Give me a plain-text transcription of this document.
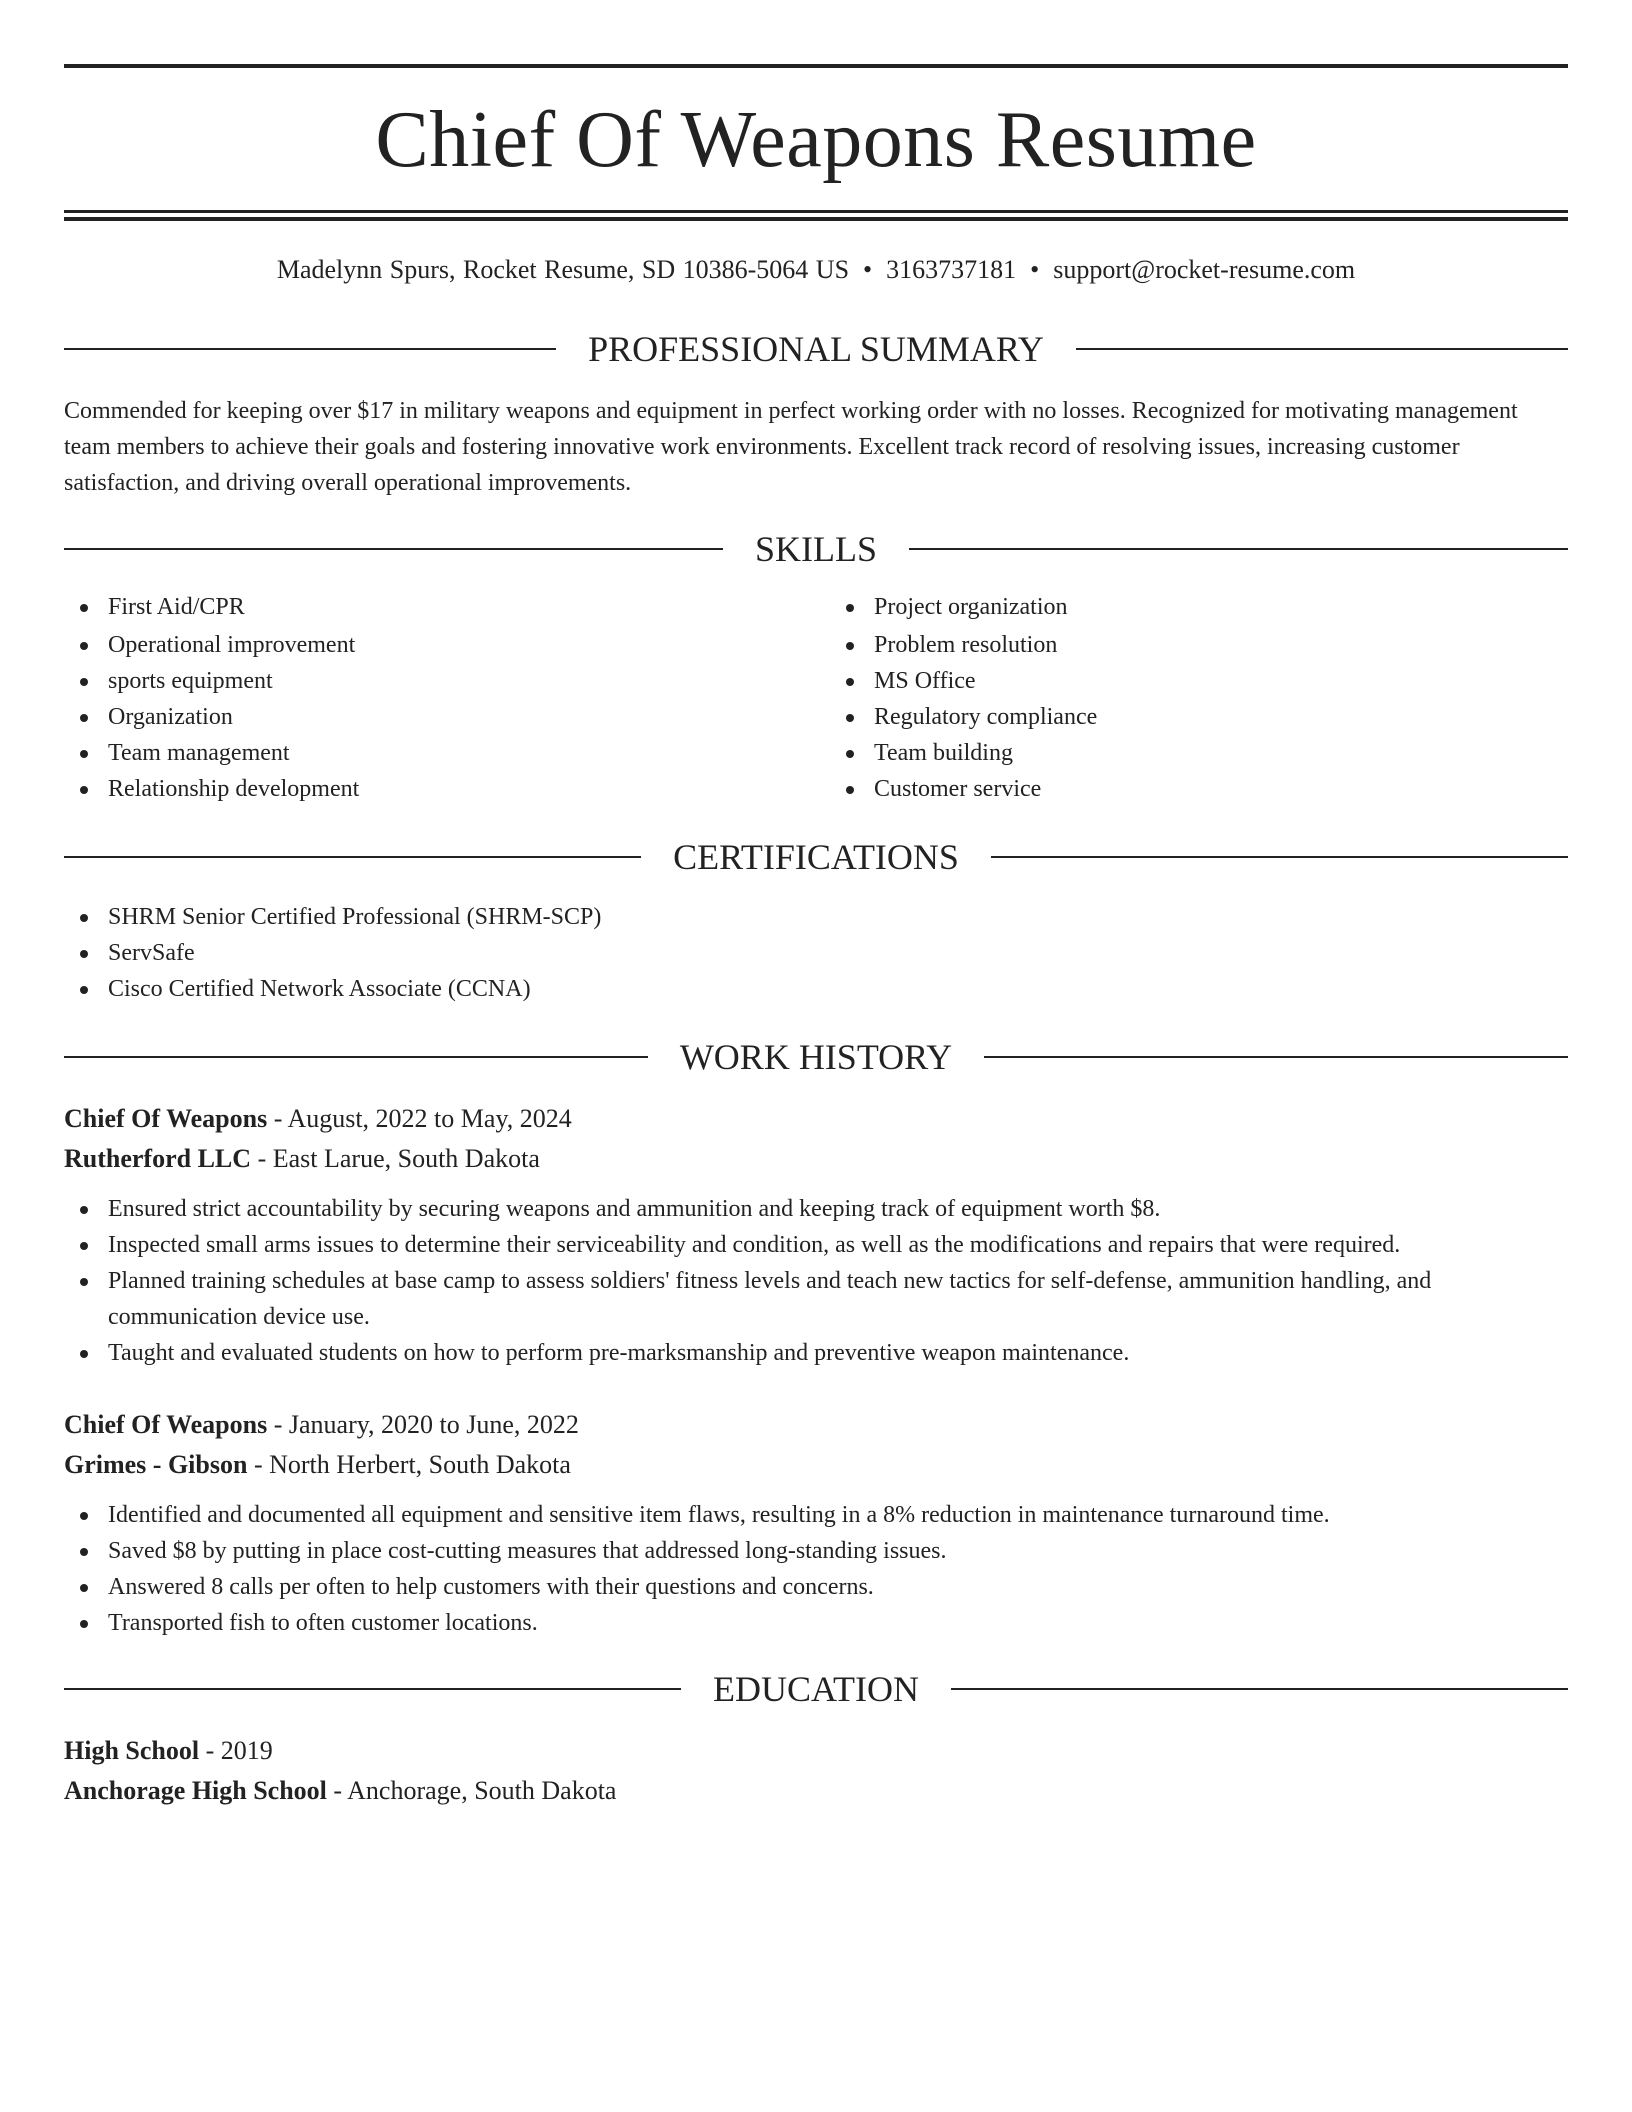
Chief Of Weapons Resume
Madelynn Spurs, Rocket Resume, SD 10386-5064 US • 3163737181 • support@rocket-resume.com
PROFESSIONAL SUMMARY

Commended for keeping over $17 in military weapons and equipment in perfect working order with no losses. Recognized for motivating management team members to achieve their goals and fostering innovative work environments. Excellent track record of resolving issues, increasing customer satisfaction, and driving overall operational improvements.

SKILLS
First Aid/CPR
Operational improvement
sports equipment
Organization
Team management
Relationship development
Project organization
Problem resolution
MS Office
Regulatory compliance
Team building
Customer service
CERTIFICATIONS
SHRM Senior Certified Professional (SHRM-SCP)
ServSafe
Cisco Certified Network Associate (CCNA)
WORK HISTORY
Chief Of Weapons - August, 2022 to May, 2024
Rutherford LLC - East Larue, South Dakota
Ensured strict accountability by securing weapons and ammunition and keeping track of equipment worth $8.
Inspected small arms issues to determine their serviceability and condition, as well as the modifications and repairs that were required.
Planned training schedules at base camp to assess soldiers' fitness levels and teach new tactics for self-defense, ammunition handling, and communication device use.
Taught and evaluated students on how to perform pre-marksmanship and preventive weapon maintenance.
Chief Of Weapons - January, 2020 to June, 2022
Grimes - Gibson - North Herbert, South Dakota
Identified and documented all equipment and sensitive item flaws, resulting in a 8% reduction in maintenance turnaround time.
Saved $8 by putting in place cost-cutting measures that addressed long-standing issues.
Answered 8 calls per often to help customers with their questions and concerns.
Transported fish to often customer locations.
EDUCATION
High School - 2019
Anchorage High School - Anchorage, South Dakota
